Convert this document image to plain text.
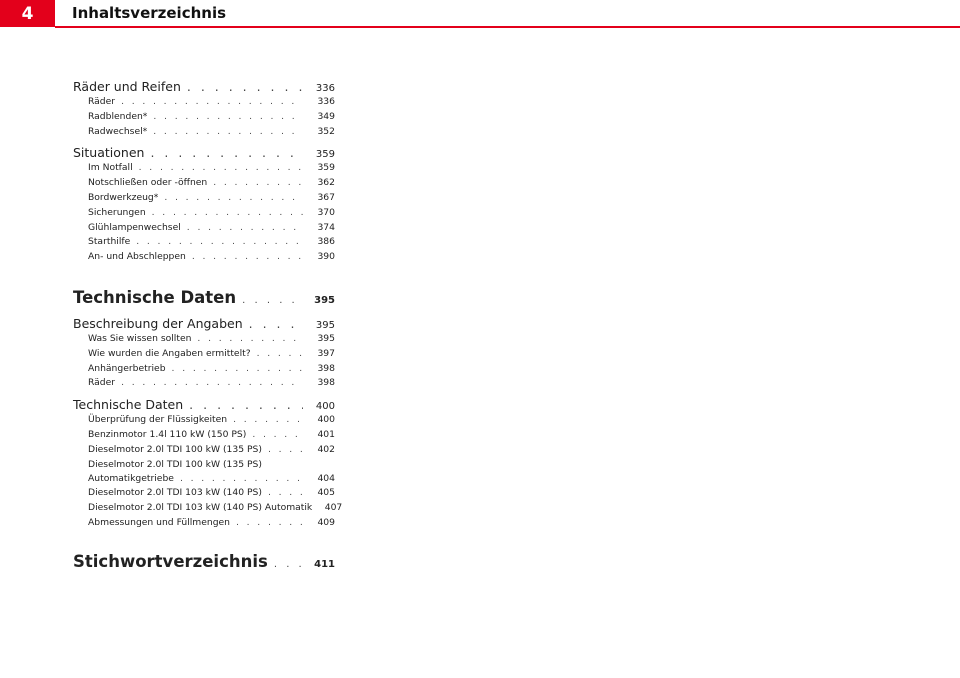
4	Inhaltsverzeichnis
Räder und Reifen . . .	336
Räder . . .	336
Radblenden* . . .	349
Radwechsel* . . .	352
Situationen . . .	359
Im Notfall . . .	359
Notschließen oder -öffnen . . .	362
Bordwerkzeug* . . .	367
Sicherungen . . .	370
Glühlampenwechsel . . .	374
Starthilfe . . .	386
An- und Abschleppen . . .	390
Technische Daten . . .	395
Beschreibung der Angaben . . .	395
Was Sie wissen sollten . . .	395
Wie wurden die Angaben ermittelt? . . .	397
Anhängerbetrieb . . .	398
Räder . . .	398
Technische Daten . . .	400
Überprüfung der Flüssigkeiten . . .	400
Benzinmotor 1.4l 110 kW (150 PS) . . .	401
Dieselmotor 2.0l TDI 100 kW (135 PS) . . .	402
Dieselmotor 2.0l TDI 100 kW (135 PS)
Automatikgetriebe . . .	404
Dieselmotor 2.0l TDI 103 kW (140 PS) . . .	405
Dieselmotor 2.0l TDI 103 kW (140 PS) Automatik	407
Abmessungen und Füllmengen . . .	409
Stichwortverzeichnis . . .	411
